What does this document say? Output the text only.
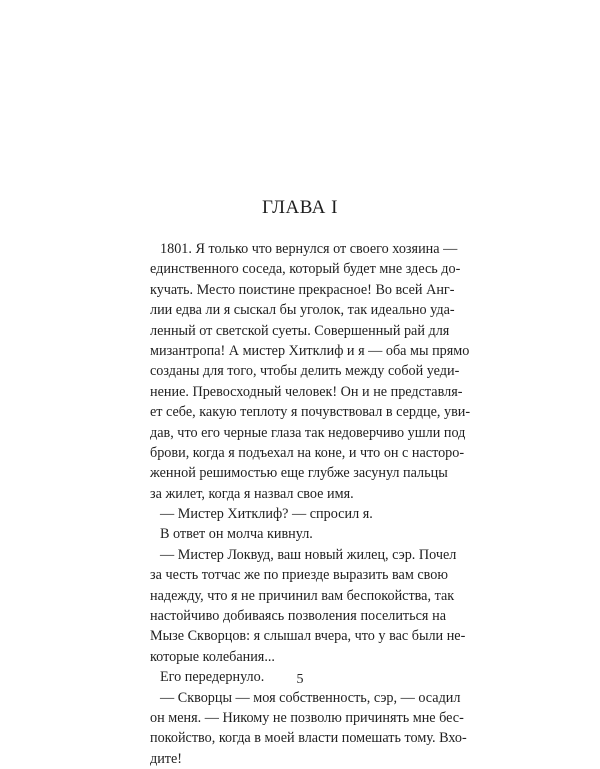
ГЛАВА I
1801. Я только что вернулся от своего хозяина —
единственного соседа, который будет мне здесь до-
кучать. Место поистине прекрасное! Во всей Анг-
лии едва ли я сыскал бы уголок, так идеально уда-
ленный от светской суеты. Совершенный рай для
мизантропа! А мистер Хитклиф и я — оба мы прямо
созданы для того, чтобы делить между собой уеди-
нение. Превосходный человек! Он и не представля-
ет себе, какую теплоту я почувствовал в сердце, уви-
дав, что его черные глаза так недоверчиво ушли под
брови, когда я подъехал на коне, и что он с насторо-
женной решимостью еще глубже засунул пальцы
за жилет, когда я назвал свое имя.
— Мистер Хитклиф? — спросил я.
В ответ он молча кивнул.
— Мистер Локвуд, ваш новый жилец, сэр. Почел
за честь тотчас же по приезде выразить вам свою
надежду, что я не причинил вам беспокойства, так
настойчиво добиваясь позволения поселиться на
Мызе Скворцов: я слышал вчера, что у вас были не-
которые колебания...
Его передернуло.
— Скворцы — моя собственность, сэр, — осадил
он меня. — Никому не позволю причинять мне бес-
покойство, когда в моей власти помешать тому. Вхо-
дите!
5
